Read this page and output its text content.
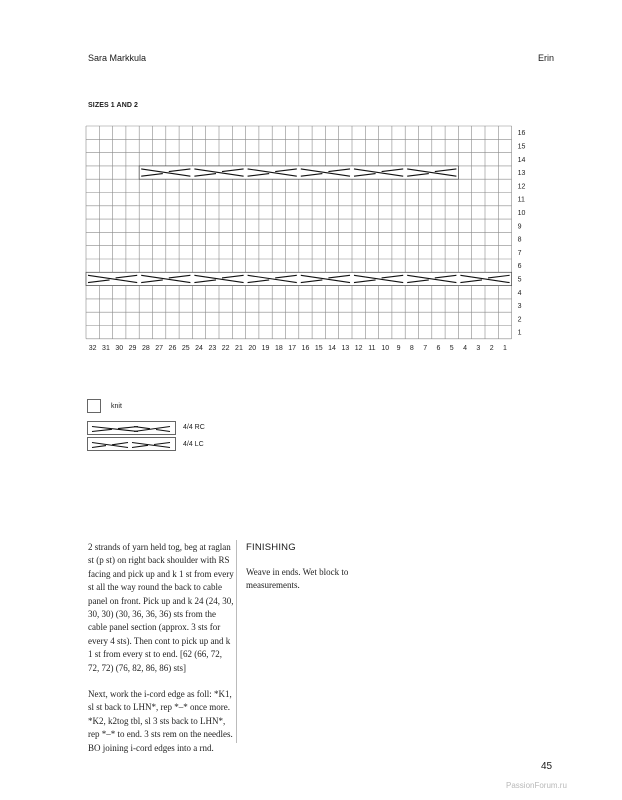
Sara Markkula	Erin
SIZES 1 AND 2
16
15
14
13
12
11
10
9
8
7
6
5
4
3
2
1
32 31 30 29 28 27 26 25 24 23 22 21 20 19 18 17 16 15 14 13 12 11 10 9 8 7 6 5 4 3 2 1
knit
4/4 RC
4/4 LC

2 strands of yarn held tog, beg at raglan st (p st) on right back shoulder with RS facing and pick up and k 1 st from every st all the way round the back to cable panel on front. Pick up and k 24 (24, 30, 30, 30) (30, 36, 36, 36) sts from the cable panel section (approx. 3 sts for every 4 sts). Then cont to pick up and k 1 st from every st to end. [62 (66, 72, 72, 72) (76, 82, 86, 86) sts]

Next, work the i-cord edge as foll: *K1, sl st back to LHN*, rep *–* once more. *K2, k2tog tbl, sl 3 sts back to LHN*, rep *–* to end. 3 sts rem on the needles. BO joining i-cord edges into a rnd.

FINISHING
Weave in ends. Wet block to measurements.
45
PassionForum.ru
